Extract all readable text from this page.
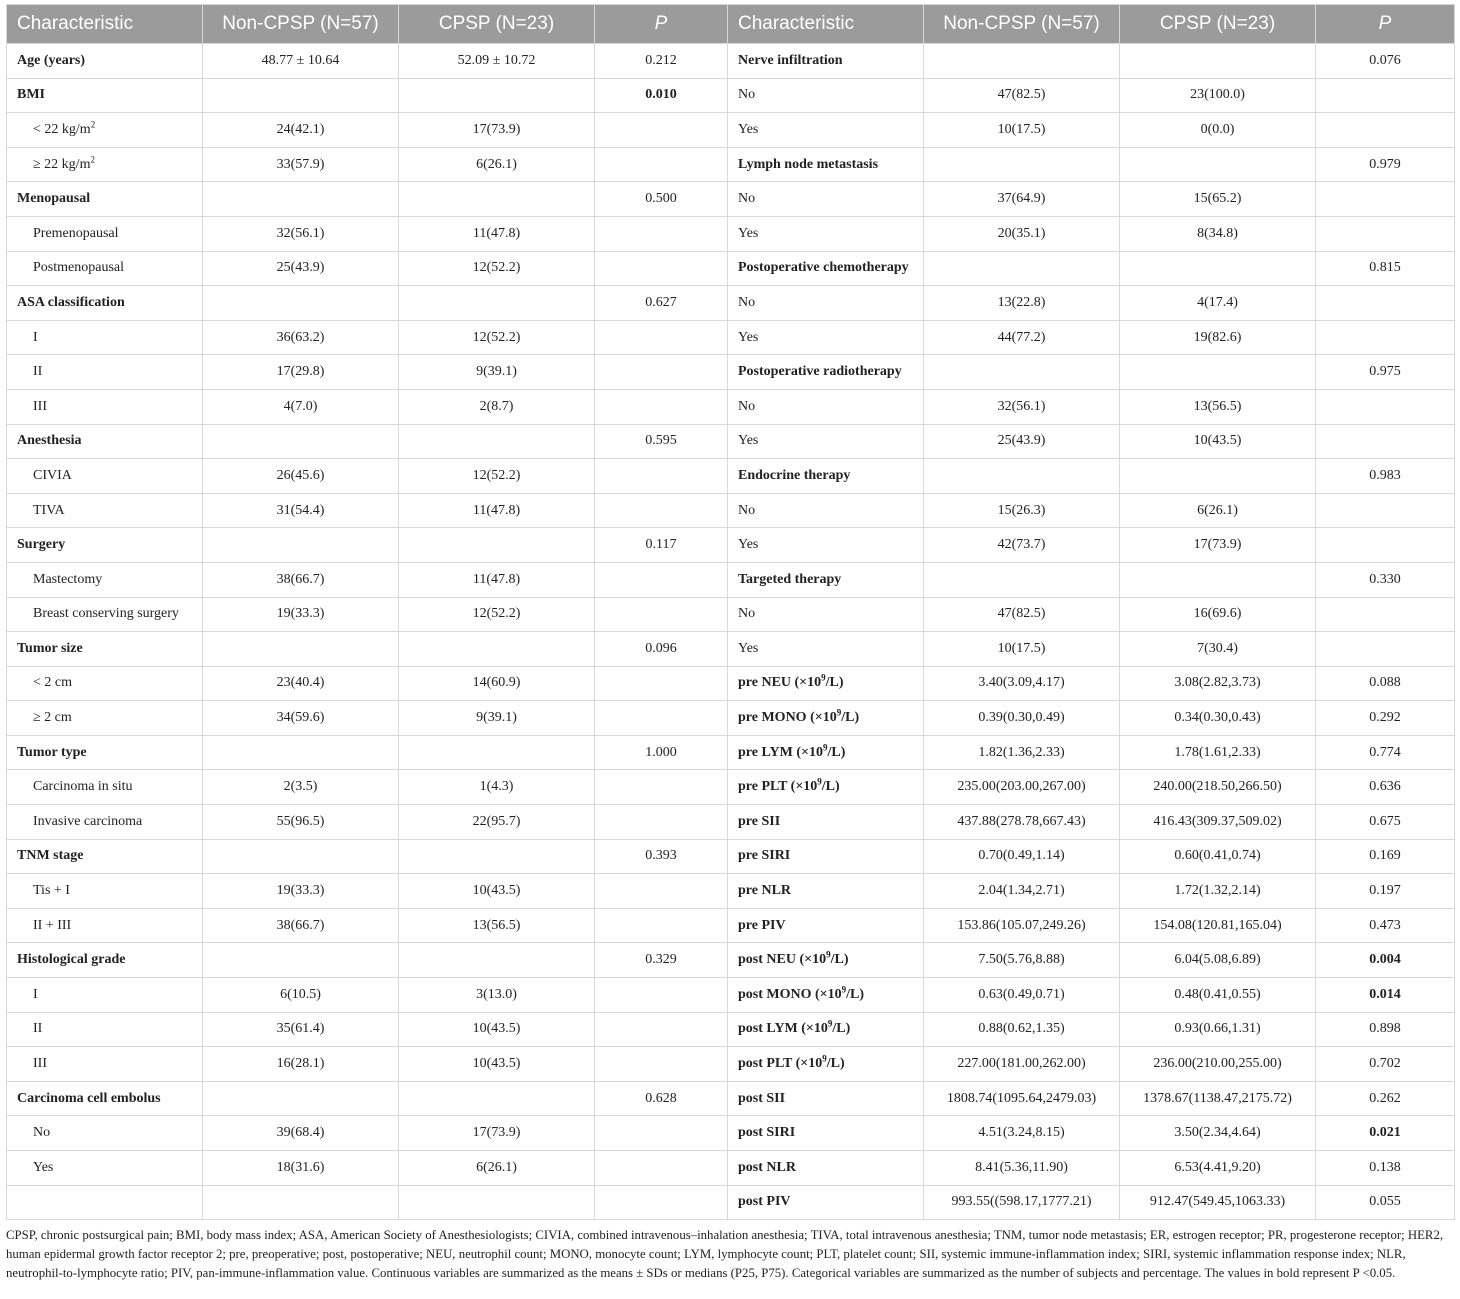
Characteristic	Non-CPSP (N=57)	CPSP (N=23)	P	Characteristic	Non-CPSP (N=57)	CPSP (N=23)	P
Age (years)	48.77 ± 10.64	52.09 ± 10.72	0.212	Nerve infiltration			0.076
BMI			0.010	No	47(82.5)	23(100.0)	
< 22 $kg/m^2$	24(42.1)	17(73.9)		Yes	10(17.5)	0(0.0)	
≥ 22 $kg/m^2$	33(57.9)	6(26.1)		Lymph node metastasis			0.979
Menopausal			0.500	No	37(64.9)	15(65.2)	
Premenopausal	32(56.1)	11(47.8)		Yes	20(35.1)	8(34.8)	
Postmenopausal	25(43.9)	12(52.2)		Postoperative chemotherapy			0.815
ASA classification			0.627	No	13(22.8)	4(17.4)	
I	36(63.2)	12(52.2)		Yes	44(77.2)	19(82.6)	
II	17(29.8)	9(39.1)		Postoperative radiotherapy			0.975
III	4(7.0)	2(8.7)		No	32(56.1)	13(56.5)	
Anesthesia			0.595	Yes	25(43.9)	10(43.5)	
CIVIA	26(45.6)	12(52.2)		Endocrine therapy			0.983
TIVA	31(54.4)	11(47.8)		No	15(26.3)	6(26.1)	
Surgery			0.117	Yes	42(73.7)	17(73.9)	
Mastectomy	38(66.7)	11(47.8)		Targeted therapy			0.330
Breast conserving surgery	19(33.3)	12(52.2)		No	47(82.5)	16(69.6)	
Tumor size			0.096	Yes	10(17.5)	7(30.4)	
< 2 cm	23(40.4)	14(60.9)		pre NEU $(\times 10^9/L)$	3.40(3.09,4.17)	3.08(2.82,3.73)	0.088
≥ 2 cm	34(59.6)	9(39.1)		pre MONO $(\times 10^9/L)$	0.39(0.30,0.49)	0.34(0.30,0.43)	0.292
Tumor type			1.000	pre LYM $(\times 10^9/L)$	1.82(1.36,2.33)	1.78(1.61,2.33)	0.774
Carcinoma in situ	2(3.5)	1(4.3)		pre PLT $(\times 10^9/L)$	235.00(203.00,267.00)	240.00(218.50,266.50)	0.636
Invasive carcinoma	55(96.5)	22(95.7)		pre SII	437.88(278.78,667.43)	416.43(309.37,509.02)	0.675
TNM stage			0.393	pre SIRI	0.70(0.49,1.14)	0.60(0.41,0.74)	0.169
Tis + I	19(33.3)	10(43.5)		pre NLR	2.04(1.34,2.71)	1.72(1.32,2.14)	0.197
II + III	38(66.7)	13(56.5)		pre PIV	153.86(105.07,249.26)	154.08(120.81,165.04)	0.473
Histological grade			0.329	post NEU $(\times 10^9/L)$	7.50(5.76,8.88)	6.04(5.08,6.89)	0.004
I	6(10.5)	3(13.0)		post MONO $(\times 10^9/L)$	0.63(0.49,0.71)	0.48(0.41,0.55)	0.014
II	35(61.4)	10(43.5)		post LYM $(\times 10^9/L)$	0.88(0.62,1.35)	0.93(0.66,1.31)	0.898
III	16(28.1)	10(43.5)		post PLT $(\times 10^9/L)$	227.00(181.00,262.00)	236.00(210.00,255.00)	0.702
Carcinoma cell embolus			0.628	post SII	1808.74(1095.64,2479.03)	1378.67(1138.47,2175.72)	0.262
No	39(68.4)	17(73.9)		post SIRI	4.51(3.24,8.15)	3.50(2.34,4.64)	0.021
Yes	18(31.6)	6(26.1)		post NLR	8.41(5.36,11.90)	6.53(4.41,9.20)	0.138
				post PIV	993.55((598.17,1777.21)	912.47(549.45,1063.33)	0.055
CPSP, chronic postsurgical pain; BMI, body mass index; ASA, American Society of Anesthesiologists; CIVIA, combined intravenous–inhalation anesthesia; TIVA, total intravenous anesthesia; TNM, tumor node metastasis; ER, estrogen receptor; PR, progesterone receptor; HER2, human epidermal growth factor receptor 2; pre, preoperative; post, postoperative; NEU, neutrophil count; MONO, monocyte count; LYM, lymphocyte count; PLT, platelet count; SII, systemic immune-inflammation index; SIRI, systemic inflammation response index; NLR, neutrophil-to-lymphocyte ratio; PIV, pan-immune-inflammation value. Continuous variables are summarized as the means ± SDs or medians (P25, P75). Categorical variables are summarized as the number of subjects and percentage. The values in bold represent P <0.05.
